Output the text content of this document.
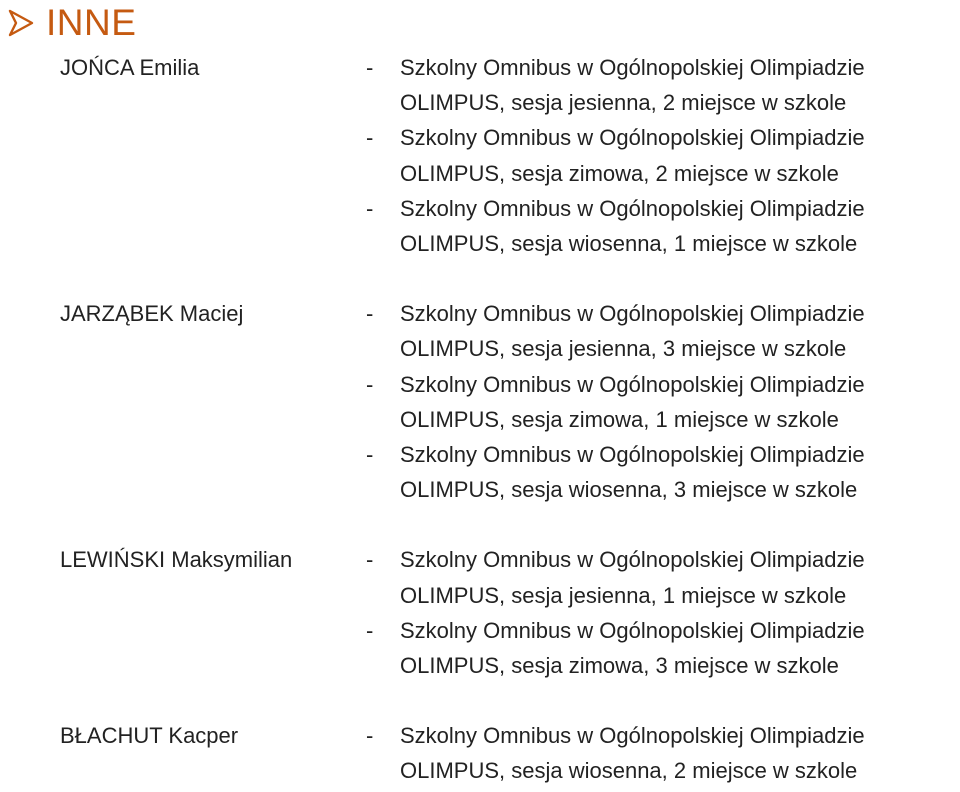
INNE
JOŃCA Emilia	-	Szkolny Omnibus w Ogólnopolskiej Olimpiadzie
OLIMPUS, sesja jesienna, 2 miejsce w szkole
-	Szkolny Omnibus w Ogólnopolskiej Olimpiadzie
OLIMPUS, sesja zimowa, 2 miejsce w szkole
-	Szkolny Omnibus w Ogólnopolskiej Olimpiadzie
OLIMPUS, sesja wiosenna, 1 miejsce w szkole
JARZĄBEK Maciej	-	Szkolny Omnibus w Ogólnopolskiej Olimpiadzie
OLIMPUS, sesja jesienna, 3 miejsce w szkole
-	Szkolny Omnibus w Ogólnopolskiej Olimpiadzie
OLIMPUS, sesja zimowa, 1 miejsce w szkole
-	Szkolny Omnibus w Ogólnopolskiej Olimpiadzie
OLIMPUS, sesja wiosenna, 3 miejsce w szkole
LEWIŃSKI Maksymilian	-	Szkolny Omnibus w Ogólnopolskiej Olimpiadzie
OLIMPUS, sesja jesienna, 1 miejsce w szkole
-	Szkolny Omnibus w Ogólnopolskiej Olimpiadzie
OLIMPUS, sesja zimowa, 3 miejsce w szkole
BŁACHUT Kacper	-	Szkolny Omnibus w Ogólnopolskiej Olimpiadzie
OLIMPUS, sesja wiosenna, 2 miejsce w szkole
